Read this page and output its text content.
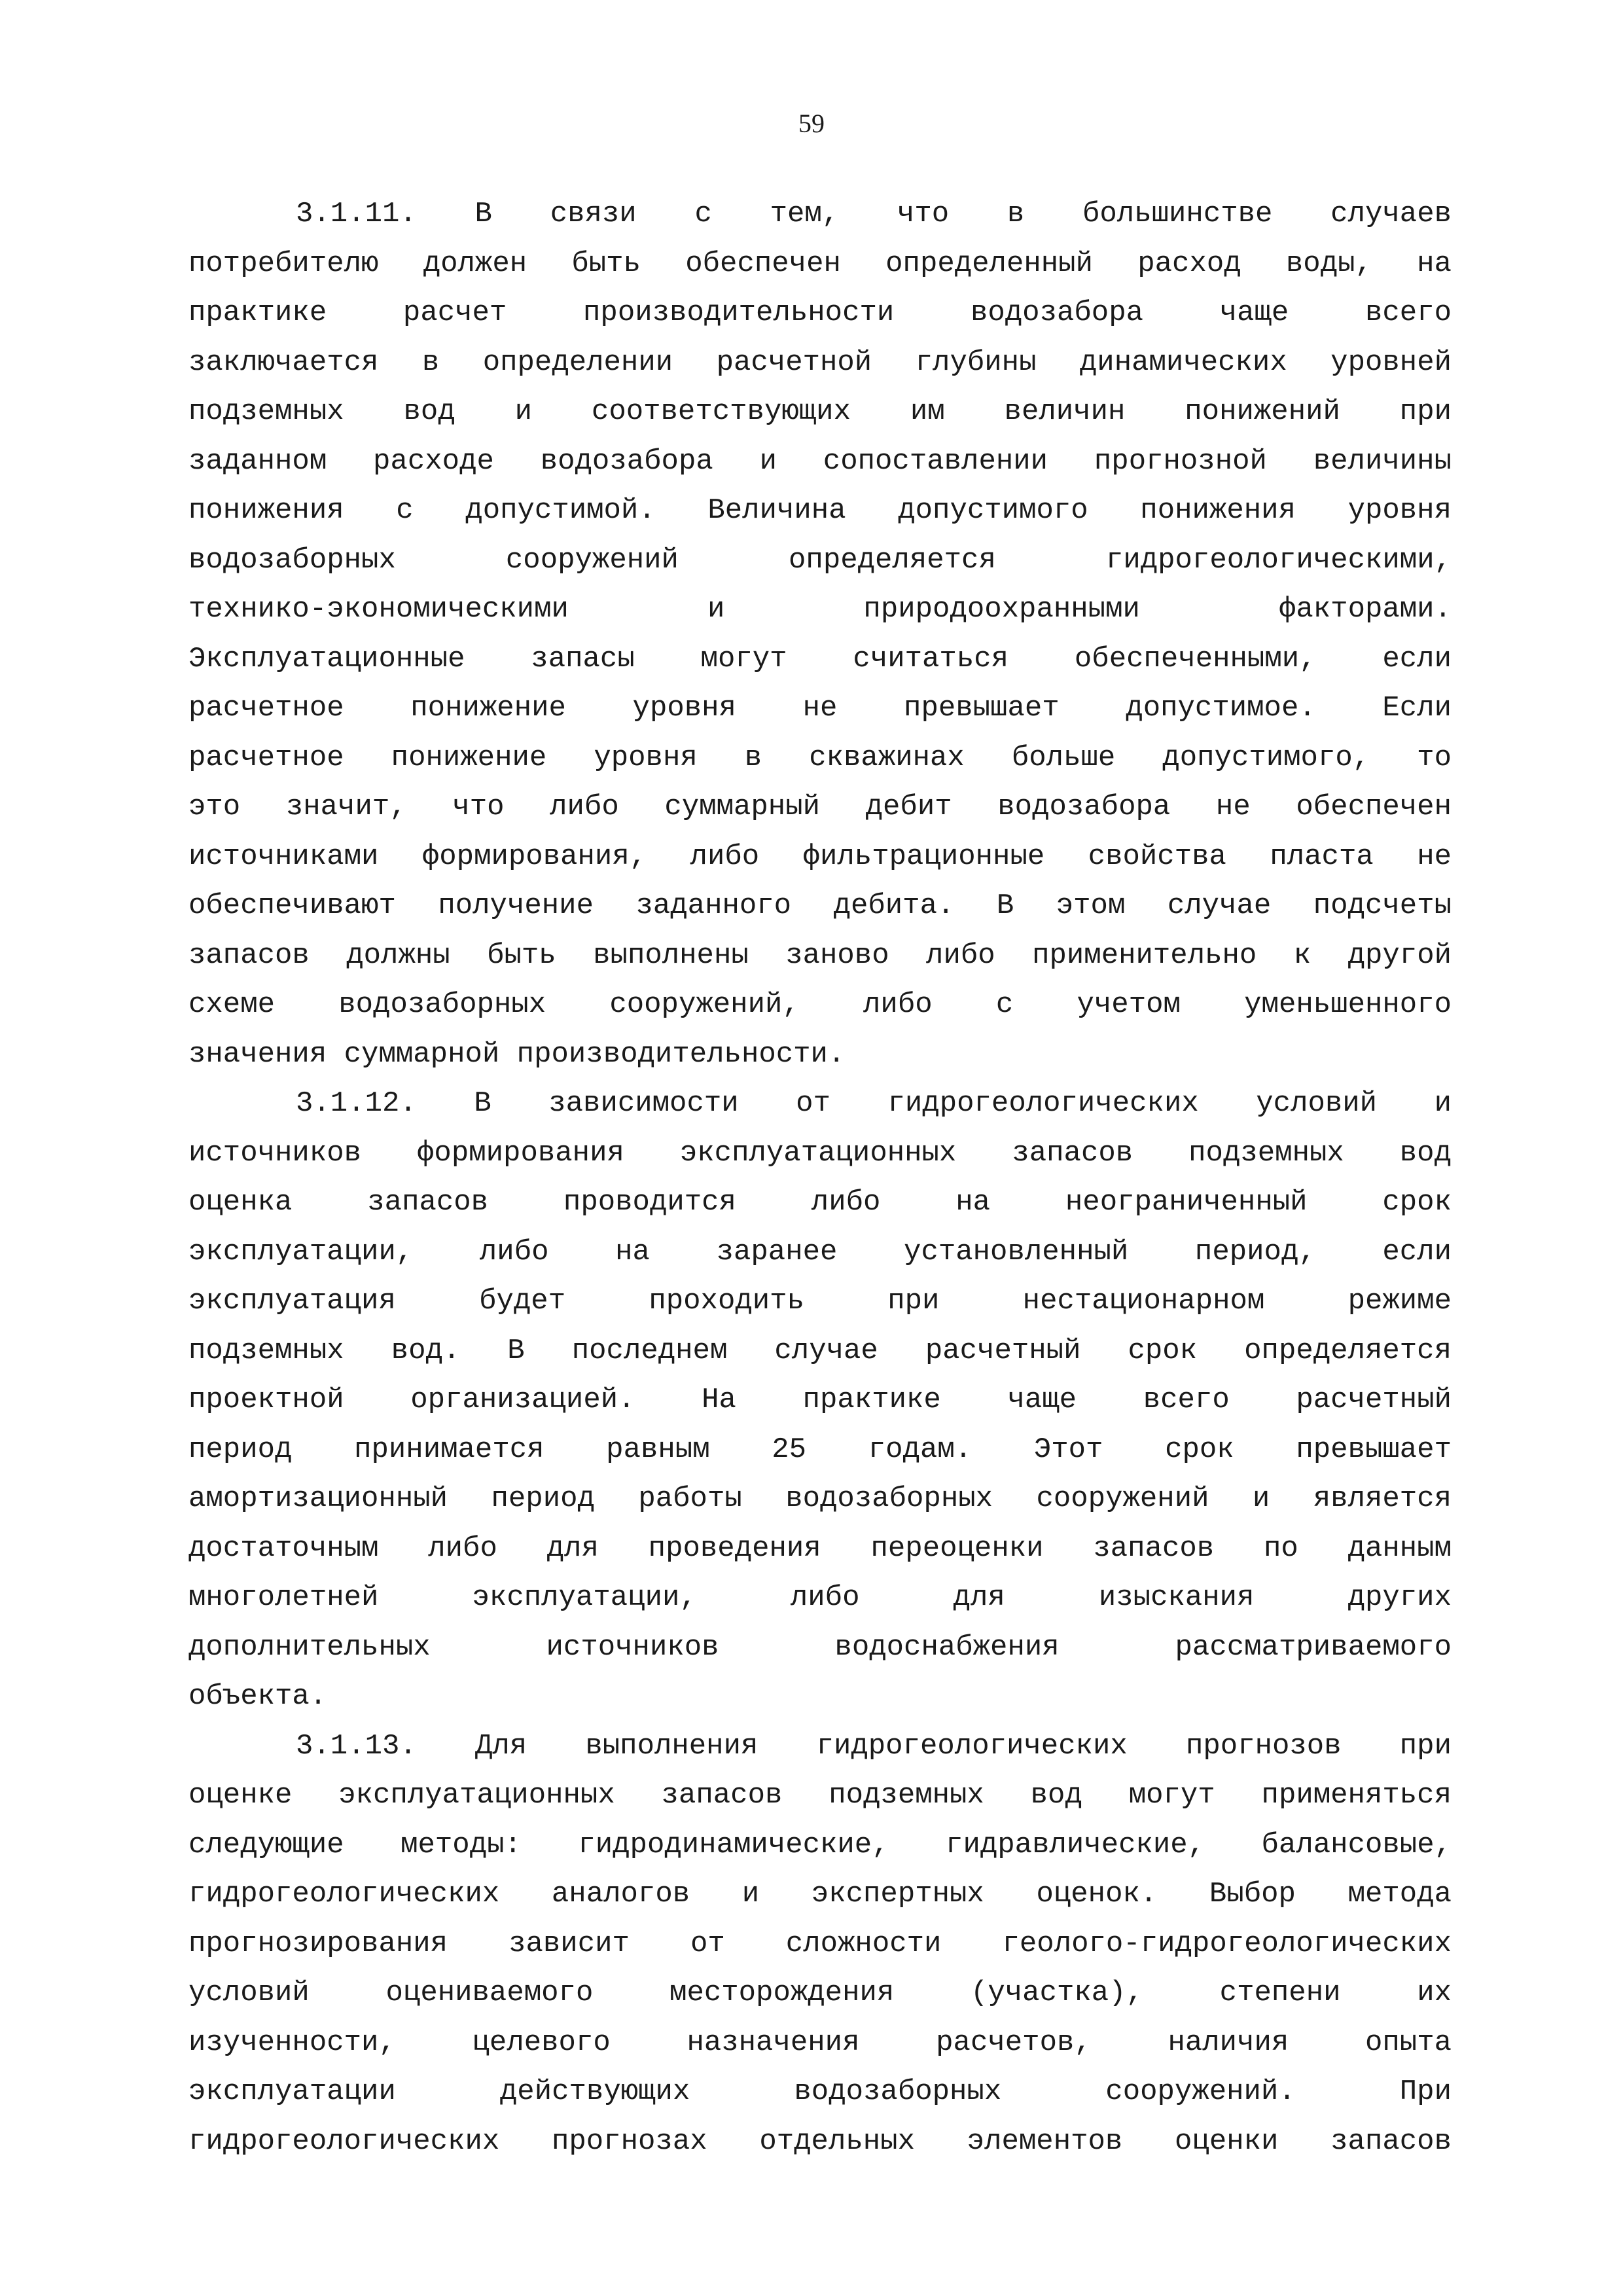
59
3.1.11. В связи с тем, что в большинстве случаев
потребителю должен быть обеспечен определенный расход воды, на
практике расчет производительности водозабора чаще всего
заключается в определении расчетной глубины динамических уровней
подземных вод и соответствующих им величин понижений при
заданном расходе водозабора и сопоставлении прогнозной величины
понижения с допустимой. Величина допустимого понижения уровня
водозаборных сооружений определяется гидрогеологическими,
технико-экономическими и природоохранными факторами.
Эксплуатационные запасы могут считаться обеспеченными, если
расчетное понижение уровня не превышает допустимое. Если
расчетное понижение уровня в скважинах больше допустимого, то
это значит, что либо суммарный дебит водозабора не обеспечен
источниками формирования, либо фильтрационные свойства пласта не
обеспечивают получение заданного дебита. В этом случае подсчеты
запасов должны быть выполнены заново либо применительно к другой
схеме водозаборных сооружений, либо с учетом уменьшенного
значения суммарной производительности.
3.1.12. В зависимости от гидрогеологических условий и
источников формирования эксплуатационных запасов подземных вод
оценка запасов проводится либо на неограниченный срок
эксплуатации, либо на заранее установленный период, если
эксплуатация будет проходить при нестационарном режиме
подземных вод. В последнем случае расчетный срок определяется
проектной организацией. На практике чаще всего расчетный
период принимается равным 25 годам. Этот срок превышает
амортизационный период работы водозаборных сооружений и является
достаточным либо для проведения переоценки запасов по данным
многолетней эксплуатации, либо для изыскания других
дополнительных источников водоснабжения рассматриваемого
объекта.
3.1.13. Для выполнения гидрогеологических прогнозов при
оценке эксплуатационных запасов подземных вод могут применяться
следующие методы: гидродинамические, гидравлические, балансовые,
гидрогеологических аналогов и экспертных оценок. Выбор метода
прогнозирования зависит от сложности геолого-гидрогеологических
условий оцениваемого месторождения (участка), степени их
изученности, целевого назначения расчетов, наличия опыта
эксплуатации действующих водозаборных сооружений. При
гидрогеологических прогнозах отдельных элементов оценки запасов
